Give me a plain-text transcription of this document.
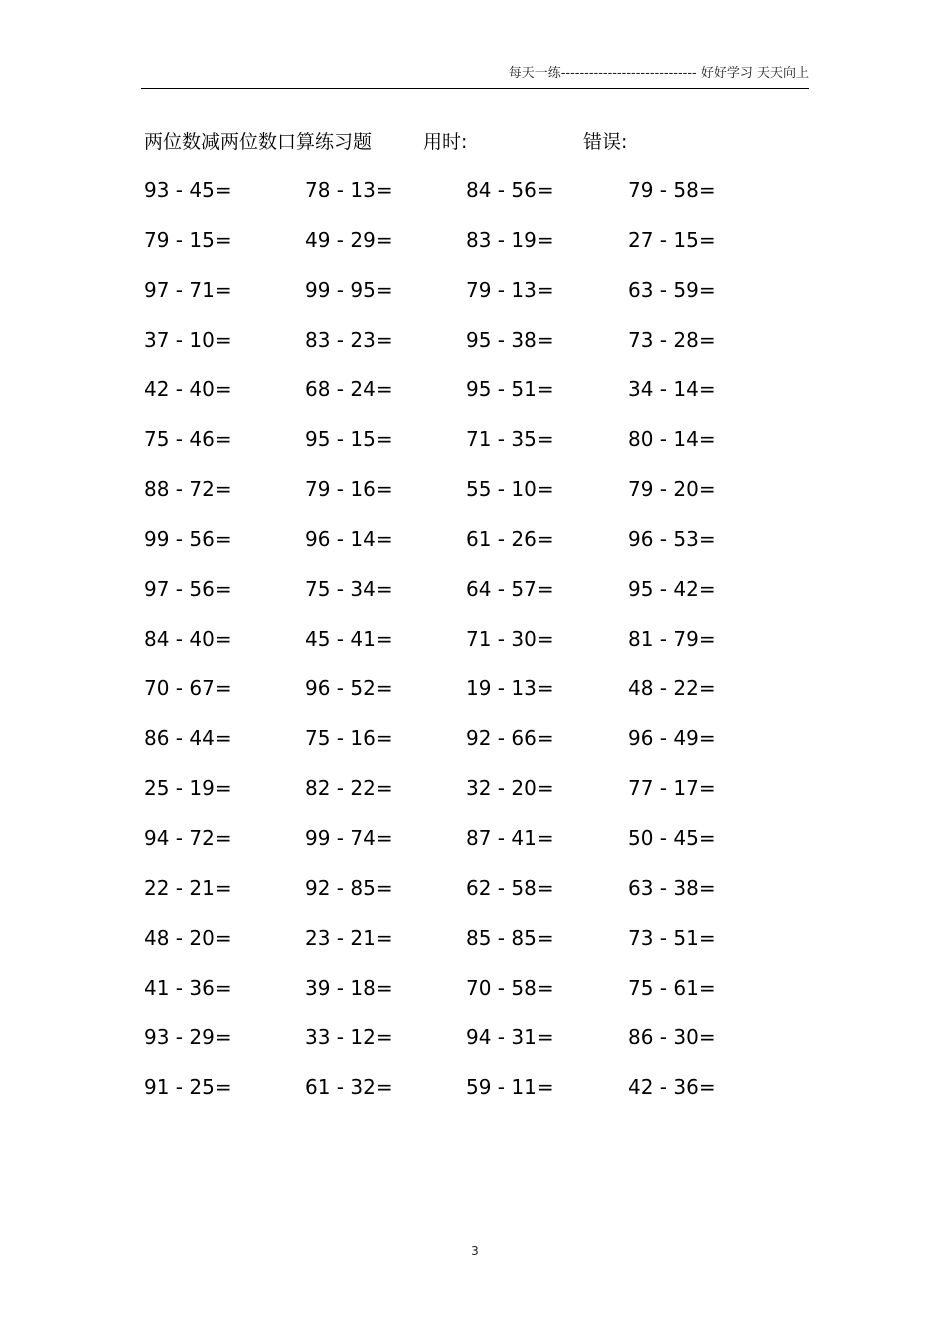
每天一练----------------------------- 好好学习 天天向上
两位数减两位数口算练习题	用时:	错误:
93 - 45=	78 - 13=	84 - 56=	79 - 58=
79 - 15=	49 - 29=	83 - 19=	27 - 15=
97 - 71=	99 - 95=	79 - 13=	63 - 59=
37 - 10=	83 - 23=	95 - 38=	73 - 28=
42 - 40=	68 - 24=	95 - 51=	34 - 14=
75 - 46=	95 - 15=	71 - 35=	80 - 14=
88 - 72=	79 - 16=	55 - 10=	79 - 20=
99 - 56=	96 - 14=	61 - 26=	96 - 53=
97 - 56=	75 - 34=	64 - 57=	95 - 42=
84 - 40=	45 - 41=	71 - 30=	81 - 79=
70 - 67=	96 - 52=	19 - 13=	48 - 22=
86 - 44=	75 - 16=	92 - 66=	96 - 49=
25 - 19=	82 - 22=	32 - 20=	77 - 17=
94 - 72=	99 - 74=	87 - 41=	50 - 45=
22 - 21=	92 - 85=	62 - 58=	63 - 38=
48 - 20=	23 - 21=	85 - 85=	73 - 51=
41 - 36=	39 - 18=	70 - 58=	75 - 61=
93 - 29=	33 - 12=	94 - 31=	86 - 30=
91 - 25=	61 - 32=	59 - 11=	42 - 36=
3
